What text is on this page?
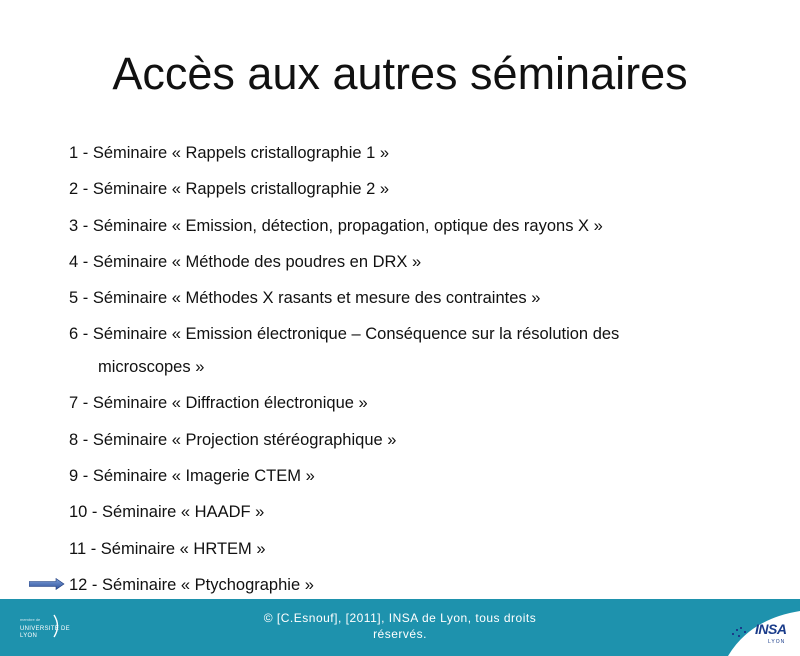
Accès aux autres séminaires
1 - Séminaire « Rappels cristallographie 1 »
2 - Séminaire « Rappels cristallographie 2 »
3 - Séminaire « Emission, détection, propagation, optique des rayons X »
4 - Séminaire « Méthode des poudres en DRX »
5 - Séminaire « Méthodes X rasants et mesure des contraintes »
6 - Séminaire « Emission électronique – Conséquence sur la résolution des
microscopes »
7 - Séminaire « Diffraction électronique »
8 - Séminaire « Projection stéréographique »
9 - Séminaire « Imagerie CTEM »
10 - Séminaire « HAADF »
11 - Séminaire « HRTEM »
12 - Séminaire « Ptychographie »
membre de
UNIVERSITÉ DE LYON
© [C.Esnouf], [2011], INSA de Lyon, tous droits
réservés.	INSA
LYON
